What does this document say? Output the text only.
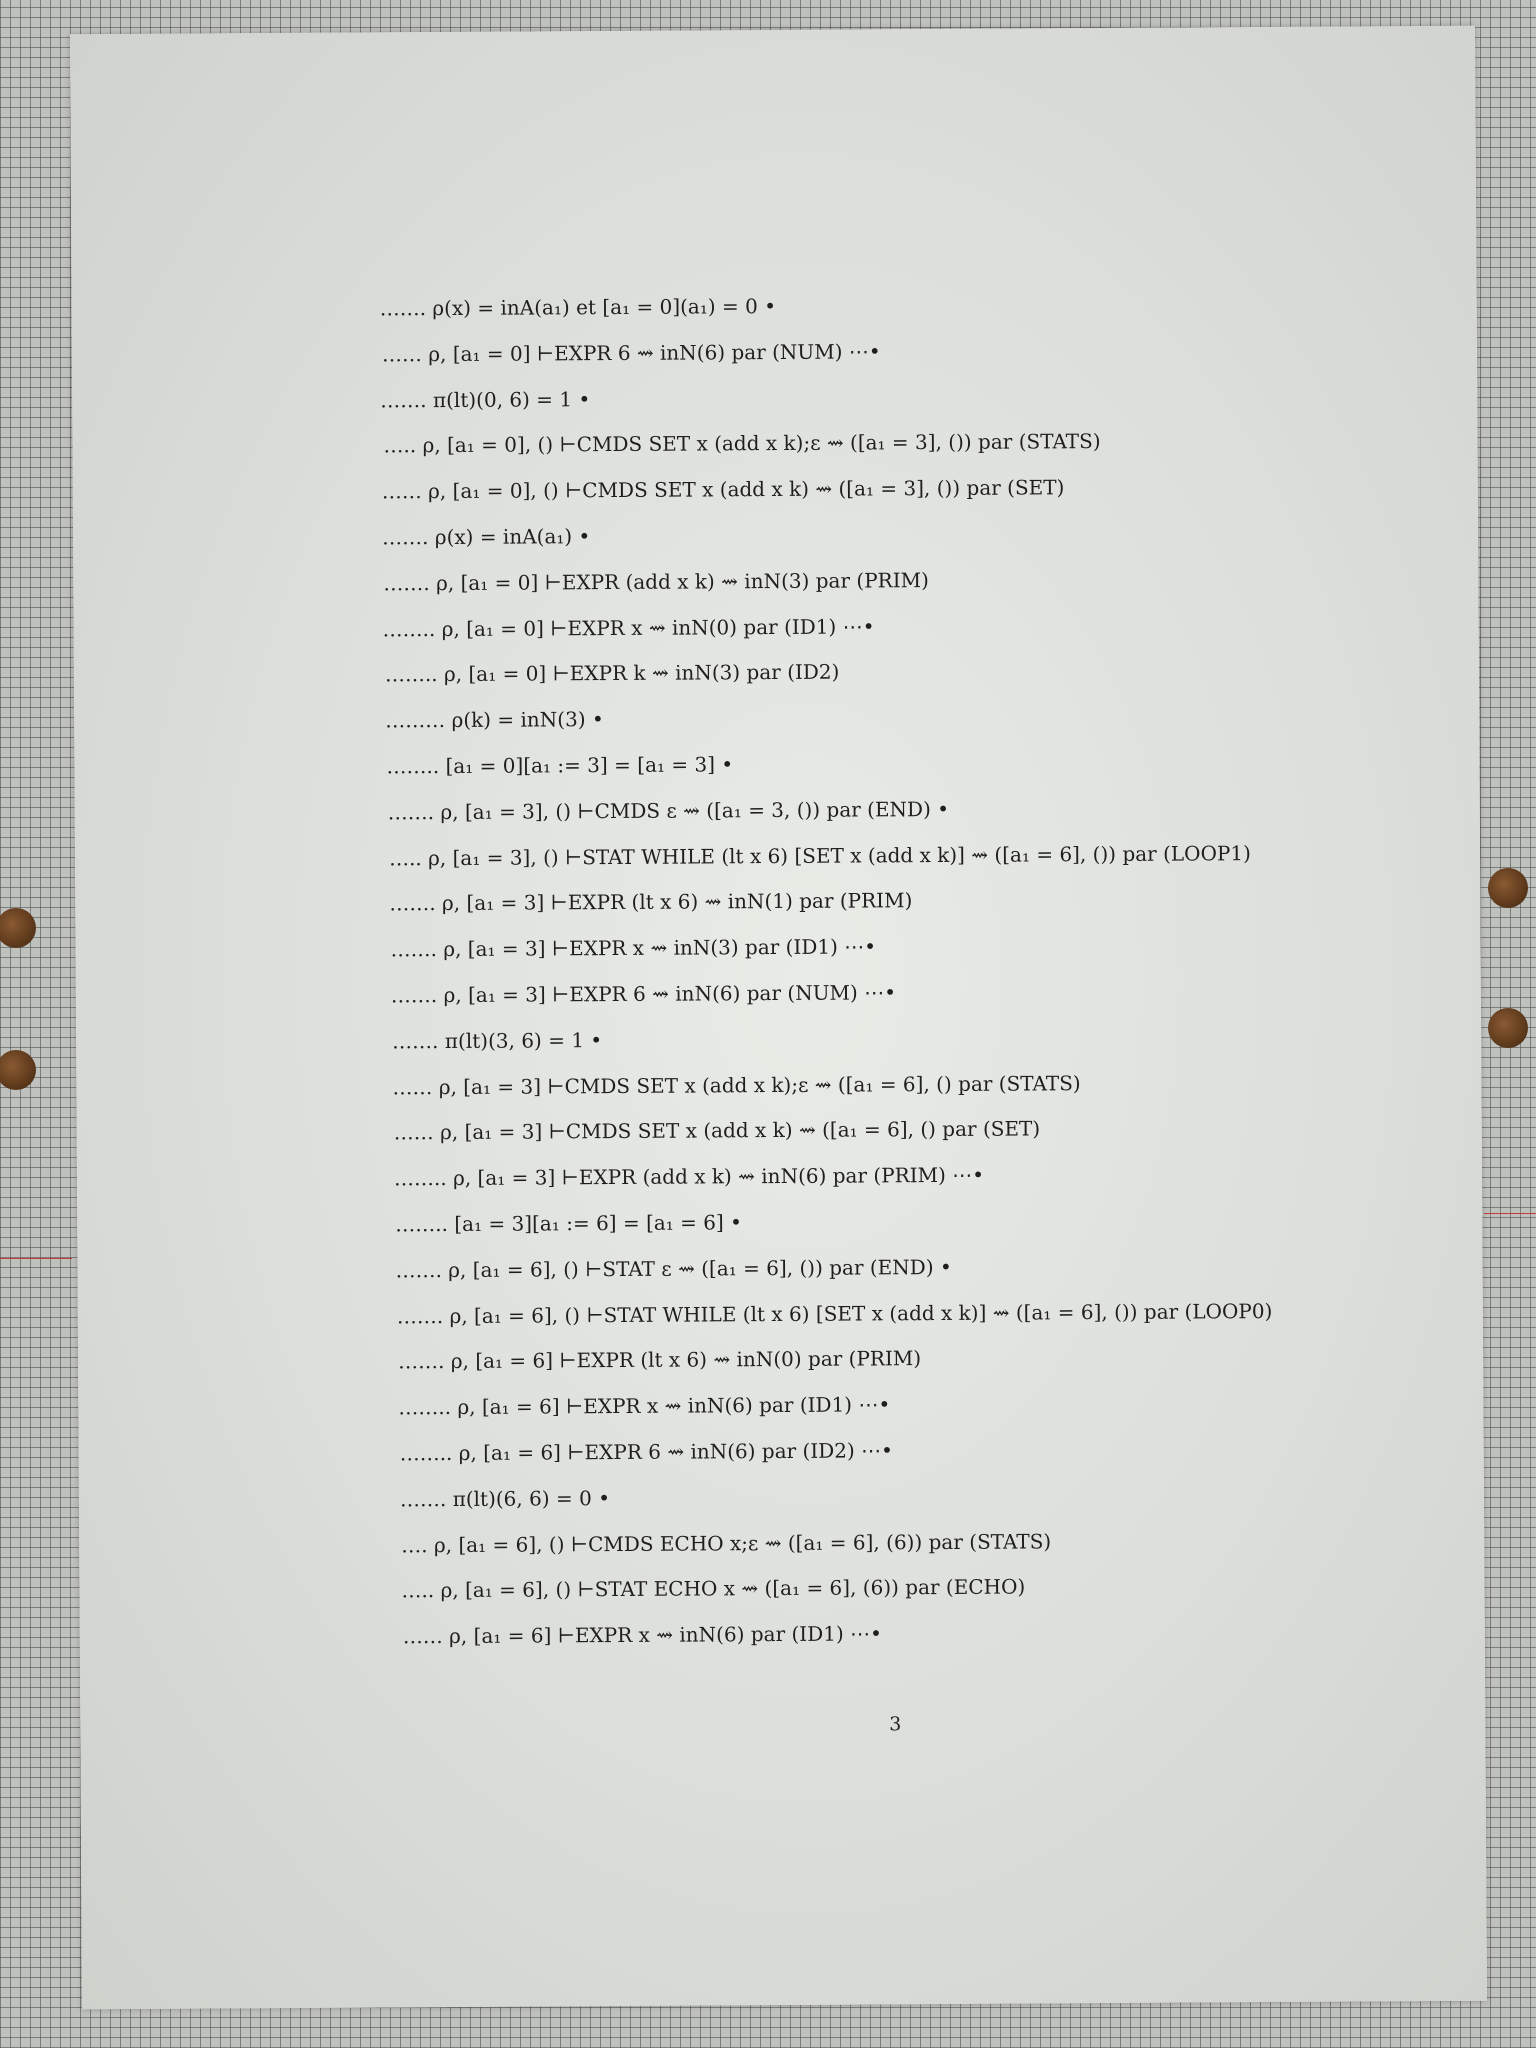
……. ρ(x) = inA(a₁) et [a₁ = 0](a₁) = 0 •
…… ρ, [a₁ = 0] ⊢EXPR 6 ⇝ inN(6) par (NUM) ⋯•
……. π(lt)(0, 6) = 1 •
….. ρ, [a₁ = 0], () ⊢CMDS SET x (add x k);ε ⇝ ([a₁ = 3], ()) par (STATS)
…… ρ, [a₁ = 0], () ⊢CMDS SET x (add x k) ⇝ ([a₁ = 3], ()) par (SET)
……. ρ(x) = inA(a₁) •
……. ρ, [a₁ = 0] ⊢EXPR (add x k) ⇝ inN(3) par (PRIM)
…….. ρ, [a₁ = 0] ⊢EXPR x ⇝ inN(0) par (ID1) ⋯•
…….. ρ, [a₁ = 0] ⊢EXPR k ⇝ inN(3) par (ID2)
……… ρ(k) = inN(3) •
…….. [a₁ = 0][a₁ := 3] = [a₁ = 3] •
……. ρ, [a₁ = 3], () ⊢CMDS ε ⇝ ([a₁ = 3, ()) par (END) •
….. ρ, [a₁ = 3], () ⊢STAT WHILE (lt x 6) [SET x (add x k)] ⇝ ([a₁ = 6], ()) par (LOOP1)
……. ρ, [a₁ = 3] ⊢EXPR (lt x 6) ⇝ inN(1) par (PRIM)
……. ρ, [a₁ = 3] ⊢EXPR x ⇝ inN(3) par (ID1) ⋯•
……. ρ, [a₁ = 3] ⊢EXPR 6 ⇝ inN(6) par (NUM) ⋯•
……. π(lt)(3, 6) = 1 •
…… ρ, [a₁ = 3] ⊢CMDS SET x (add x k);ε ⇝ ([a₁ = 6], () par (STATS)
…… ρ, [a₁ = 3] ⊢CMDS SET x (add x k) ⇝ ([a₁ = 6], () par (SET)
…….. ρ, [a₁ = 3] ⊢EXPR (add x k) ⇝ inN(6) par (PRIM) ⋯•
…….. [a₁ = 3][a₁ := 6] = [a₁ = 6] •
……. ρ, [a₁ = 6], () ⊢STAT ε ⇝ ([a₁ = 6], ()) par (END) •
……. ρ, [a₁ = 6], () ⊢STAT WHILE (lt x 6) [SET x (add x k)] ⇝ ([a₁ = 6], ()) par (LOOP0)
……. ρ, [a₁ = 6] ⊢EXPR (lt x 6) ⇝ inN(0) par (PRIM)
…….. ρ, [a₁ = 6] ⊢EXPR x ⇝ inN(6) par (ID1) ⋯•
…….. ρ, [a₁ = 6] ⊢EXPR 6 ⇝ inN(6) par (ID2) ⋯•
……. π(lt)(6, 6) = 0 •
…. ρ, [a₁ = 6], () ⊢CMDS ECHO x;ε ⇝ ([a₁ = 6], (6)) par (STATS)
….. ρ, [a₁ = 6], () ⊢STAT ECHO x ⇝ ([a₁ = 6], (6)) par (ECHO)
…… ρ, [a₁ = 6] ⊢EXPR x ⇝ inN(6) par (ID1) ⋯•
3
